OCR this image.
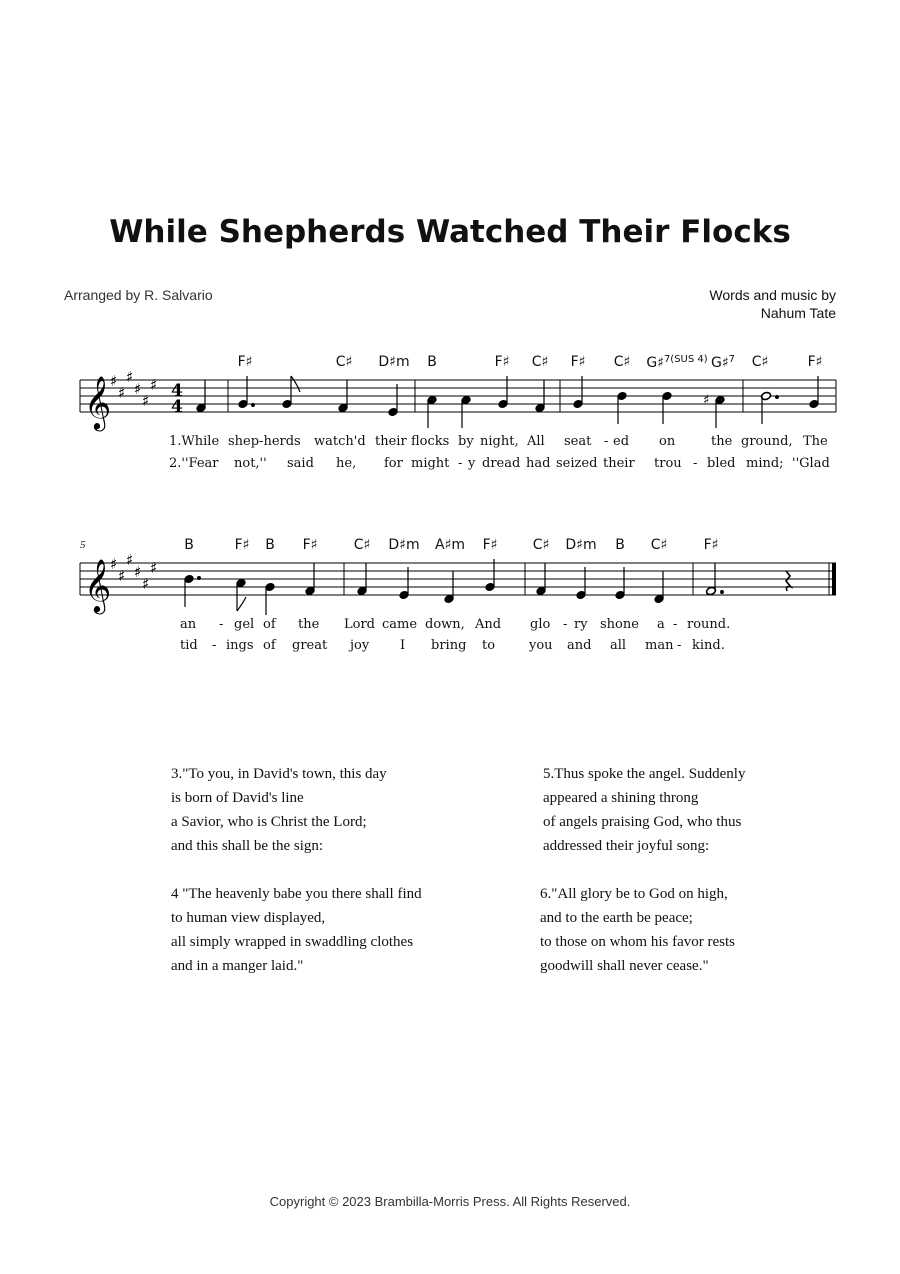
While Shepherds Watched Their Flocks
Arranged by R. Salvario	Words and music by
Nahum Tate
F♯	C♯ D♯m B	F♯ C♯ F♯ C♯ G♯$^{7(SUS 4)}$ G♯$^7$ C♯	F♯
1.While shep-herds watch'd their flocks by night, All seat - ed on	the ground, The
2.''Fear not,'' said he, for might - y dread had seized their trou - bled mind; ''Glad
5	B	F♯ B F♯	C♯ D♯m A♯m F♯	C♯ D♯m B C♯	F♯
an - gel of the Lord came down, And glo - ry shone a - round.
tid - ings of great joy I bring to	you and all man - kind.
𝄞
𝄞
♯
♯
♯
♯
♯
♯
♯
♯
♯
♯
♯
♯
4
4	♯
3."To you, in David's town, this day
is born of David's line
a Savior, who is Christ the Lord;
and this shall be the sign:
4 "The heavenly babe you there shall find
to human view displayed,
all simply wrapped in swaddling clothes
and in a manger laid."
5.Thus spoke the angel. Suddenly
appeared a shining throng
of angels praising God, who thus
addressed their joyful song:
6."All glory be to God on high,
and to the earth be peace;
to those on whom his favor rests
goodwill shall never cease."
Copyright © 2023 Brambilla-Morris Press. All Rights Reserved.
